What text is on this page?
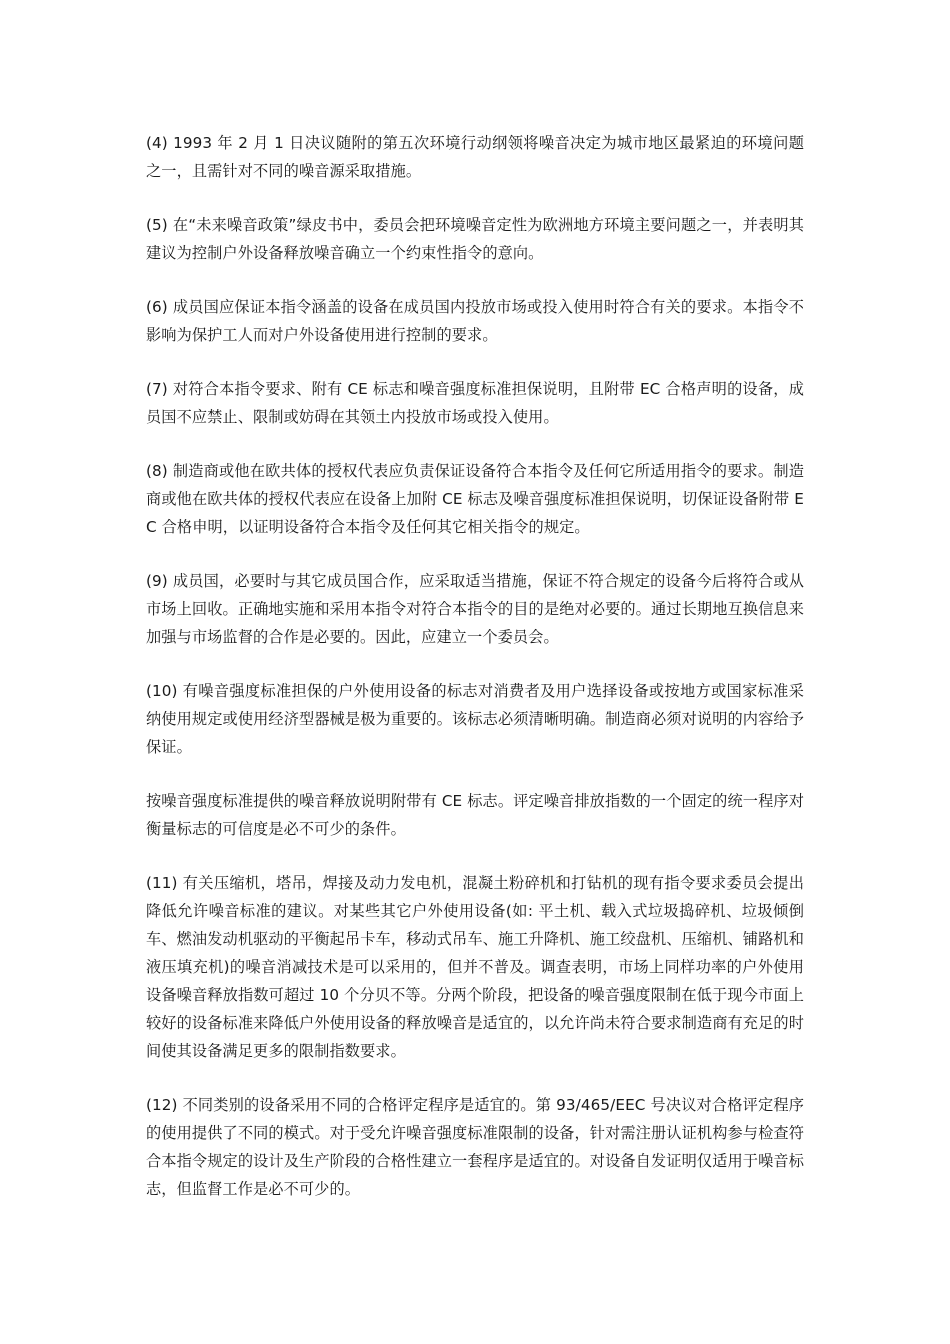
(4) 1993 年 2 月 1 日决议随附的第五次环境行动纲领将噪音决定为城市地区最紧迫的环境问题之一，且需针对不同的噪音源采取措施。

(5) 在“未来噪音政策”绿皮书中，委员会把环境噪音定性为欧洲地方环境主要问题之一，并表明其建议为控制户外设备释放噪音确立一个约束性指令的意向。

(6) 成员国应保证本指令涵盖的设备在成员国内投放市场或投入使用时符合有关的要求。本指令不影响为保护工人而对户外设备使用进行控制的要求。

(7) 对符合本指令要求、附有 CE 标志和噪音强度标准担保说明，且附带 EC 合格声明的设备，成员国不应禁止、限制或妨碍在其领土内投放市场或投入使用。

(8) 制造商或他在欧共体的授权代表应负责保证设备符合本指令及任何它所适用指令的要求。制造商或他在欧共体的授权代表应在设备上加附 CE 标志及噪音强度标准担保说明，切保证设备附带 EC 合格申明，以证明设备符合本指令及任何其它相关指令的规定。

(9) 成员国，必要时与其它成员国合作，应采取适当措施，保证不符合规定的设备今后将符合或从市场上回收。正确地实施和采用本指令对符合本指令的目的是绝对必要的。通过长期地互换信息来加强与市场监督的合作是必要的。因此，应建立一个委员会。

(10) 有噪音强度标准担保的户外使用设备的标志对消费者及用户选择设备或按地方或国家标准采纳使用规定或使用经济型器械是极为重要的。该标志必须清晰明确。制造商必须对说明的内容给予保证。

按噪音强度标准提供的噪音释放说明附带有 CE 标志。评定噪音排放指数的一个固定的统一程序对衡量标志的可信度是必不可少的条件。

(11) 有关压缩机，塔吊，焊接及动力发电机，混凝土粉碎机和打钻机的现有指令要求委员会提出降低允许噪音标准的建议。对某些其它户外使用设备(如: 平土机、载入式垃圾捣碎机、垃圾倾倒车、燃油发动机驱动的平衡起吊卡车，移动式吊车、施工升降机、施工绞盘机、压缩机、铺路机和液压填充机)的噪音消减技术是可以采用的，但并不普及。调查表明，市场上同样功率的户外使用设备噪音释放指数可超过 10 个分贝不等。分两个阶段，把设备的噪音强度限制在低于现今市面上较好的设备标准来降低户外使用设备的释放噪音是适宜的，以允许尚未符合要求制造商有充足的时间使其设备满足更多的限制指数要求。

(12) 不同类别的设备采用不同的合格评定程序是适宜的。第 93/465/EEC 号决议对合格评定程序的使用提供了不同的模式。对于受允许噪音强度标准限制的设备，针对需注册认证机构参与检查符合本指令规定的设计及生产阶段的合格性建立一套程序是适宜的。对设备自发证明仅适用于噪音标志，但监督工作是必不可少的。
